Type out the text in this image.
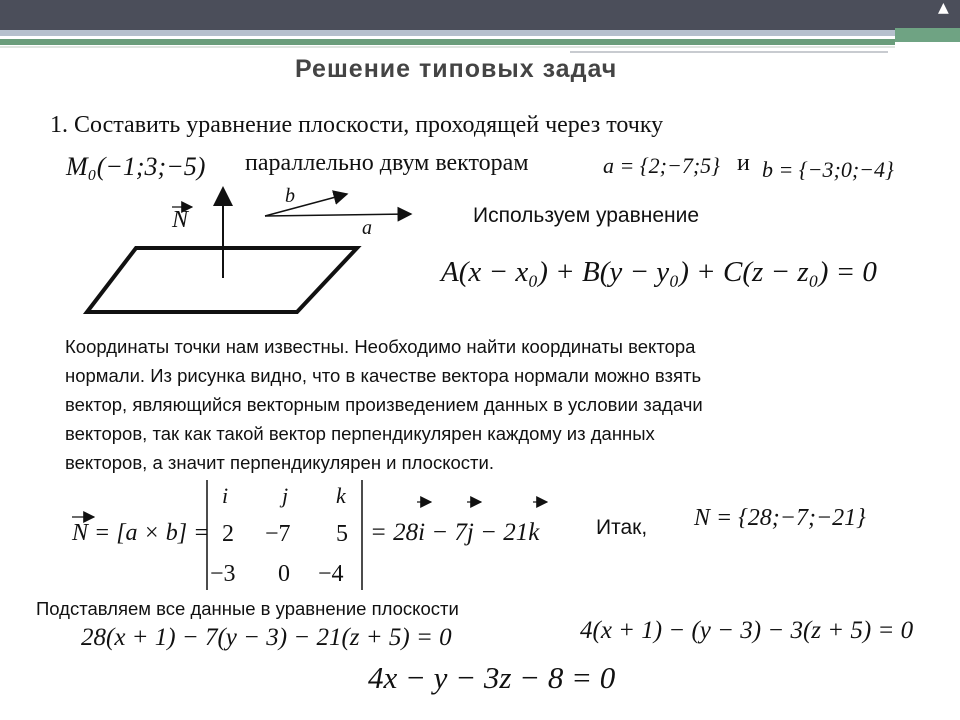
▲
Решение типовых задач
1. Составить уравнение плоскости, проходящей через точку
M₀(−1;3;−5) параллельно двум векторам	a = {2;−7;5} и b = {−3;0;−4}
b
a
N	Используем уравнение
A(x − x₀) + B(y − y₀) + C(z − z₀) = 0
Координаты точки нам известны. Необходимо найти координаты вектора
нормали. Из рисунка видно, что в качестве вектора нормали можно взять
вектор, являющийся векторным произведением данных в условии задачи
векторов, так как такой вектор перпендикулярен каждому из данных
векторов, а значит перпендикулярен и плоскости.
N = [a × b] =
i j k
2 −7 5
−3 0 −4
= 28i − 7j − 21k	Итак, N = {28;−7;−21}
Подставляем все данные в уравнение плоскости
28(x + 1) − 7(y − 3) − 21(z + 5) = 0	4(x + 1) − (y − 3) − 3(z + 5) = 0
4x − y − 3z − 8 = 0
